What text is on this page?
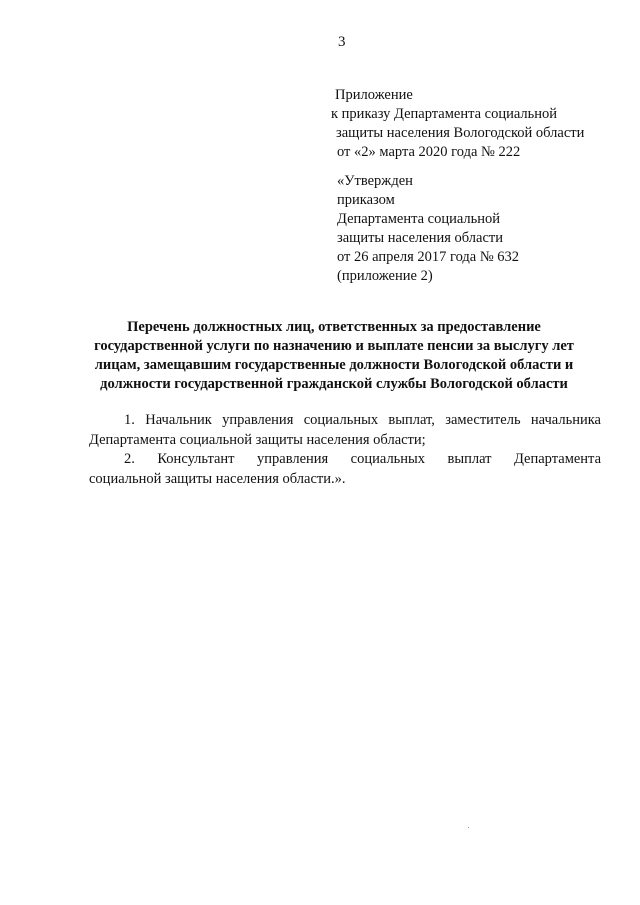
3
Приложение
к приказу Департамента социальной
защиты населения Вологодской области
от «2» марта 2020 года № 222
«Утвержден
приказом
Департамента социальной
защиты населения области
от 26 апреля 2017 года № 632
(приложение 2)
Перечень должностных лиц, ответственных за предоставление
государственной услуги по назначению и выплате пенсии за выслугу лет
лицам, замещавшим государственные должности Вологодской области и
должности государственной гражданской службы Вологодской области
1. Начальник управления социальных выплат, заместитель начальника
Департамента социальной защиты населения области;
2. Консультант управления социальных выплат Департамента
социальной защиты населения области.».
